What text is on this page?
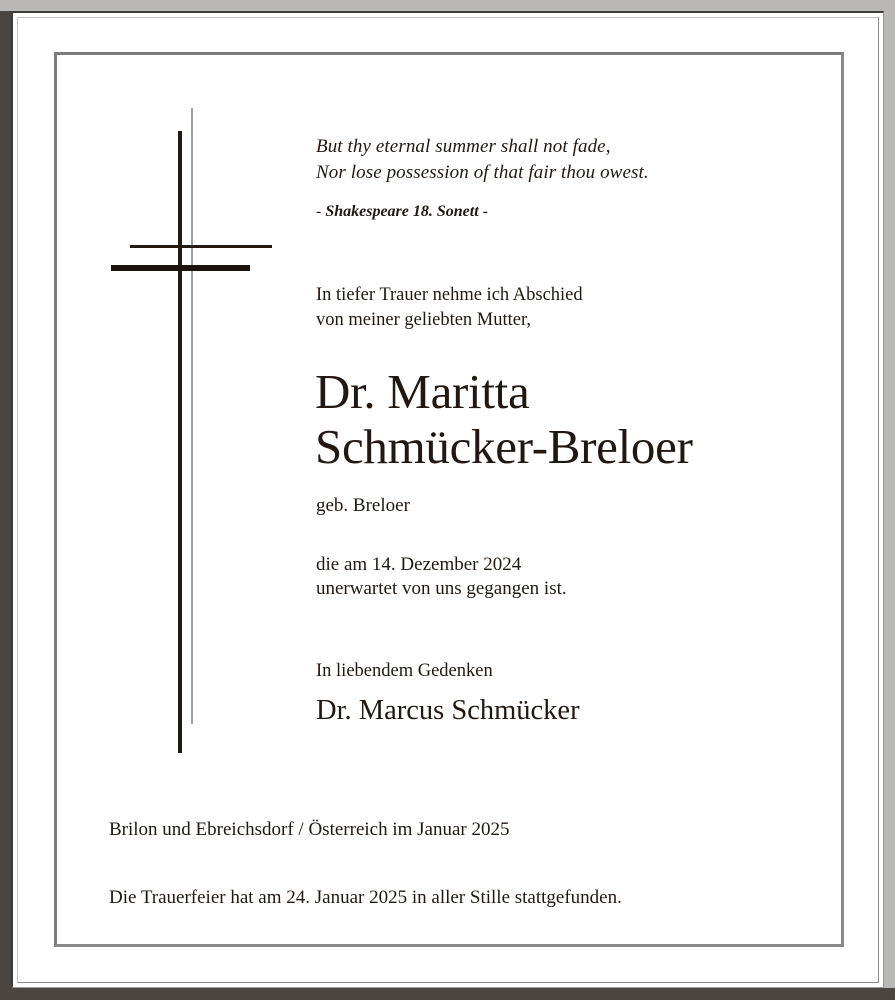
But thy eternal summer shall not fade,
Nor lose possession of that fair thou owest.
- Shakespeare 18. Sonett -
In tiefer Trauer nehme ich Abschied
von meiner geliebten Mutter,
Dr. Maritta
Schmücker-Breloer
geb. Breloer
die am 14. Dezember 2024
unerwartet von uns gegangen ist.
In liebendem Gedenken
Dr. Marcus Schmücker
Brilon und Ebreichsdorf / Österreich im Januar 2025
Die Trauerfeier hat am 24. Januar 2025 in aller Stille stattgefunden.
